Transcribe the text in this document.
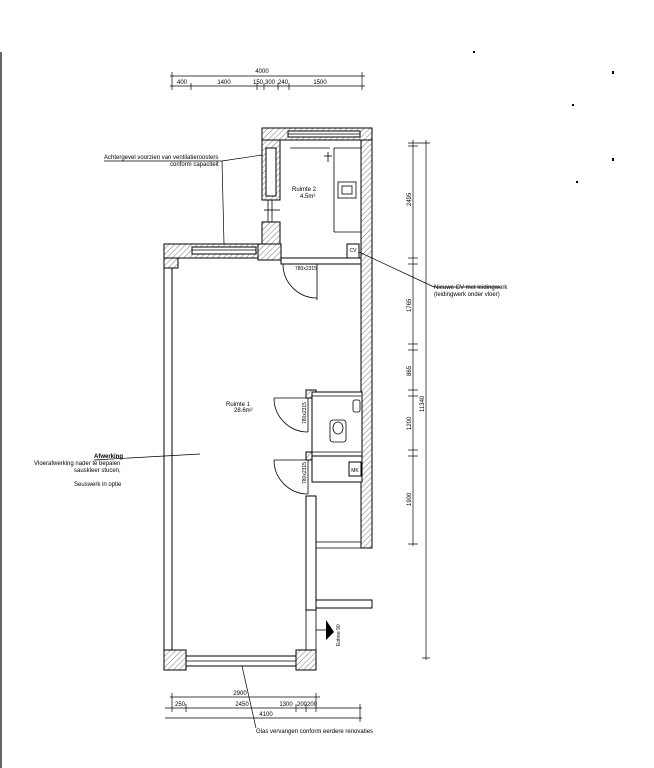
4000
400	1400	150 300 240	1500
CV
MK
780x2315
780x2315
780x2315
Ruimte 2
4.5m²
Ruimte 1
28.6m²
Entree 90
2495
1765
865
1200
1900
11340
2900
250	2450	1300 200 200
4100
Achtergevel voorzien van ventilatieroosters
conform capaciteit
Nieuwe CV met leidingwerk
(leidingwerk onder vloer)
Afwerking
Vloerafwerking nader te bepalen
sauskleer stucen,
Seuswerk in optie
Glas vervangen conform eerdere renovaties
